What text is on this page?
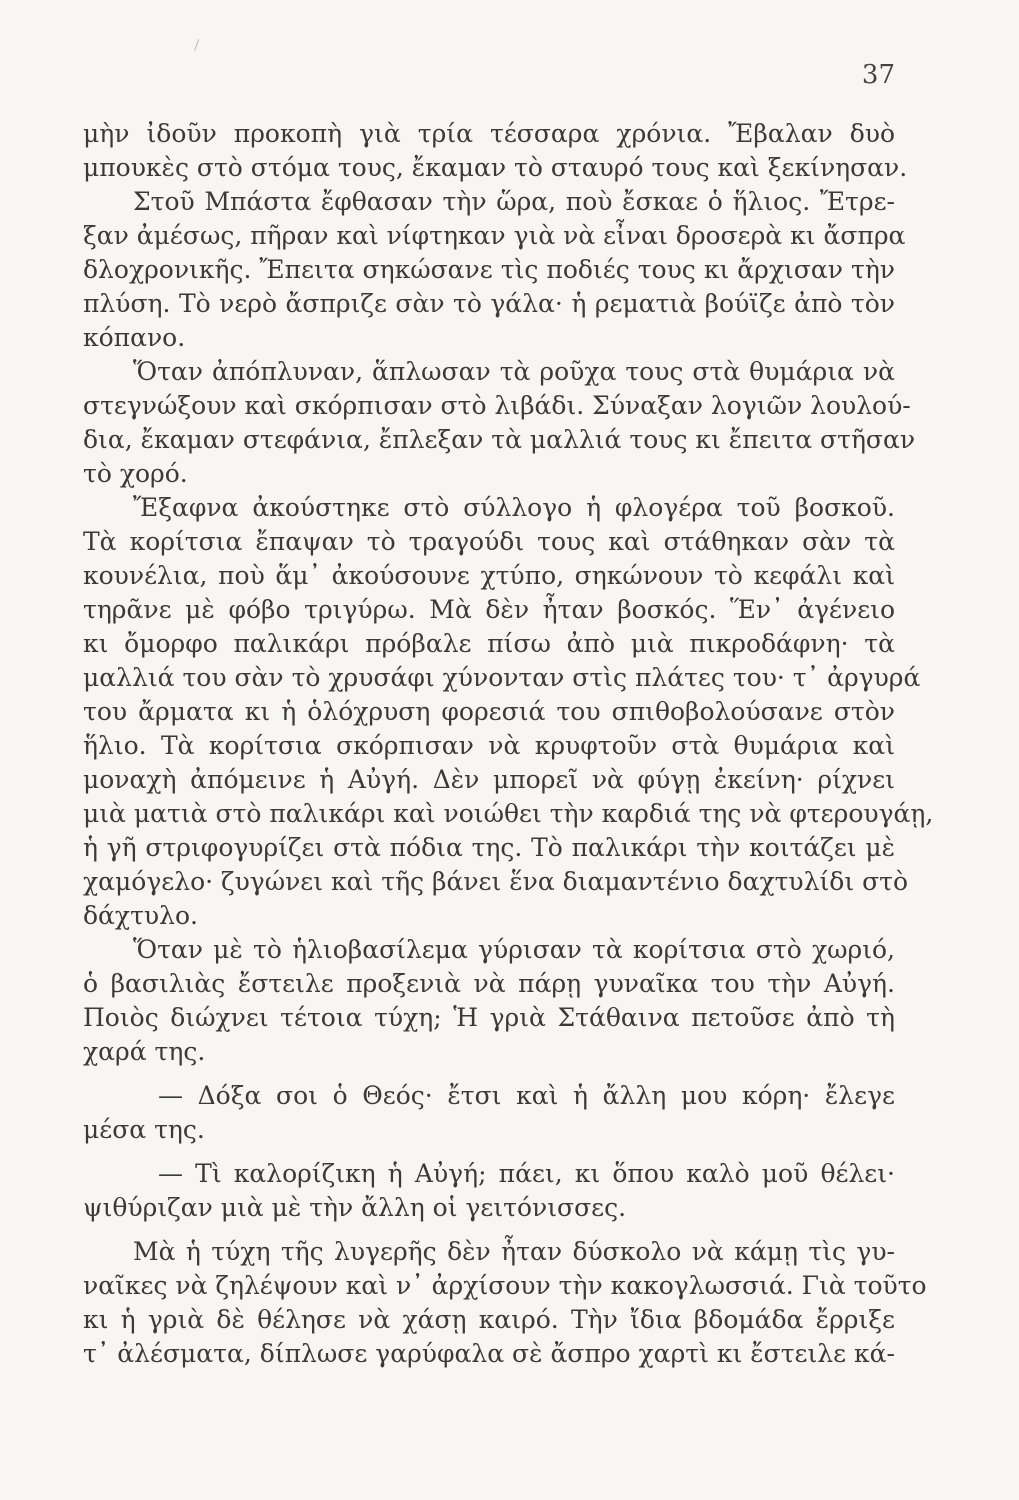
37
μὴν ἰδοῦν προκοπὴ γιὰ τρία τέσσαρα χρόνια. Ἔβαλαν δυὸ
μπουκὲς στὸ στόμα τους, ἔκαμαν τὸ σταυρό τους καὶ ξεκίνησαν.
Στοῦ Μπάστα ἔφθασαν τὴν ὥρα, ποὺ ἔσκαε ὁ ἥλιος. Ἔτρε-
ξαν ἀμέσως, πῆραν καὶ νίφτηκαν γιὰ νὰ εἶναι δροσερὰ κι ἄσπρα
δλοχρονικῆς. Ἔπειτα σηκώσανε τὶς ποδιές τους κι ἄρχισαν τὴν
πλύση. Τὸ νερὸ ἄσπριζε σὰν τὸ γάλα· ἡ ρεματιὰ βούϊζε ἀπὸ τὸν
κόπανο.
Ὅταν ἀπόπλυναν, ἅπλωσαν τὰ ροῦχα τους στὰ θυμάρια νὰ
στεγνώξουν καὶ σκόρπισαν στὸ λιβάδι. Σύναξαν λογιῶν λουλού-
δια, ἔκαμαν στεφάνια, ἔπλεξαν τὰ μαλλιά τους κι ἔπειτα στῆσαν
τὸ χορό.
Ἔξαφνα ἀκούστηκε στὸ σύλλογο ἡ φλογέρα τοῦ βοσκοῦ.
Τὰ κορίτσια ἔπαψαν τὸ τραγούδι τους καὶ στάθηκαν σὰν τὰ
κουνέλια, ποὺ ἅμ᾽ ἀκούσουνε χτύπο, σηκώνουν τὸ κεφάλι καὶ
τηρᾶνε μὲ φόβο τριγύρω. Μὰ δὲν ἦταν βοσκός. Ἕν᾽ ἀγένειο
κι ὄμορφο παλικάρι πρόβαλε πίσω ἀπὸ μιὰ πικροδάφνη· τὰ
μαλλιά του σὰν τὸ χρυσάφι χύνονταν στὶς πλάτες του· τ᾽ ἀργυρά
του ἄρματα κι ἡ ὁλόχρυση φορεσιά του σπιθοβολούσανε στὸν
ἥλιο. Τὰ κορίτσια σκόρπισαν νὰ κρυφτοῦν στὰ θυμάρια καὶ
μοναχὴ ἀπόμεινε ἡ Αὐγή. Δὲν μπορεῖ νὰ φύγῃ ἐκείνη· ρίχνει
μιὰ ματιὰ στὸ παλικάρι καὶ νοιώθει τὴν καρδιά της νὰ φτερουγάῃ,
ἡ γῆ στριφογυρίζει στὰ πόδια της. Τὸ παλικάρι τὴν κοιτάζει μὲ
χαμόγελο· ζυγώνει καὶ τῆς βάνει ἕνα διαμαντένιο δαχτυλίδι στὸ
δάχτυλο.
Ὅταν μὲ τὸ ἡλιοβασίλεμα γύρισαν τὰ κορίτσια στὸ χωριό,
ὁ βασιλιὰς ἔστειλε προξενιὰ νὰ πάρῃ γυναῖκα του τὴν Αὐγή.
Ποιὸς διώχνει τέτοια τύχη; Ἡ γριὰ Στάθαινα πετοῦσε ἀπὸ τὴ
χαρά της.
— Δόξα σοι ὁ Θεός· ἔτσι καὶ ἡ ἄλλη μου κόρη· ἔλεγε
μέσα της.
— Τὶ καλορίζικη ἡ Αὐγή; πάει, κι ὅπου καλὸ μοῦ θέλει·
ψιθύριζαν μιὰ μὲ τὴν ἄλλη οἱ γειτόνισσες.
Μὰ ἡ τύχη τῆς λυγερῆς δὲν ἦταν δύσκολο νὰ κάμῃ τὶς γυ-
ναῖκες νὰ ζηλέψουν καὶ ν᾽ ἀρχίσουν τὴν κακογλωσσιά. Γιὰ τοῦτο
κι ἡ γριὰ δὲ θέλησε νὰ χάσῃ καιρό. Τὴν ἴδια βδομάδα ἔρριξε
τ᾽ ἀλέσματα, δίπλωσε γαρύφαλα σὲ ἄσπρο χαρτὶ κι ἔστειλε κά-
